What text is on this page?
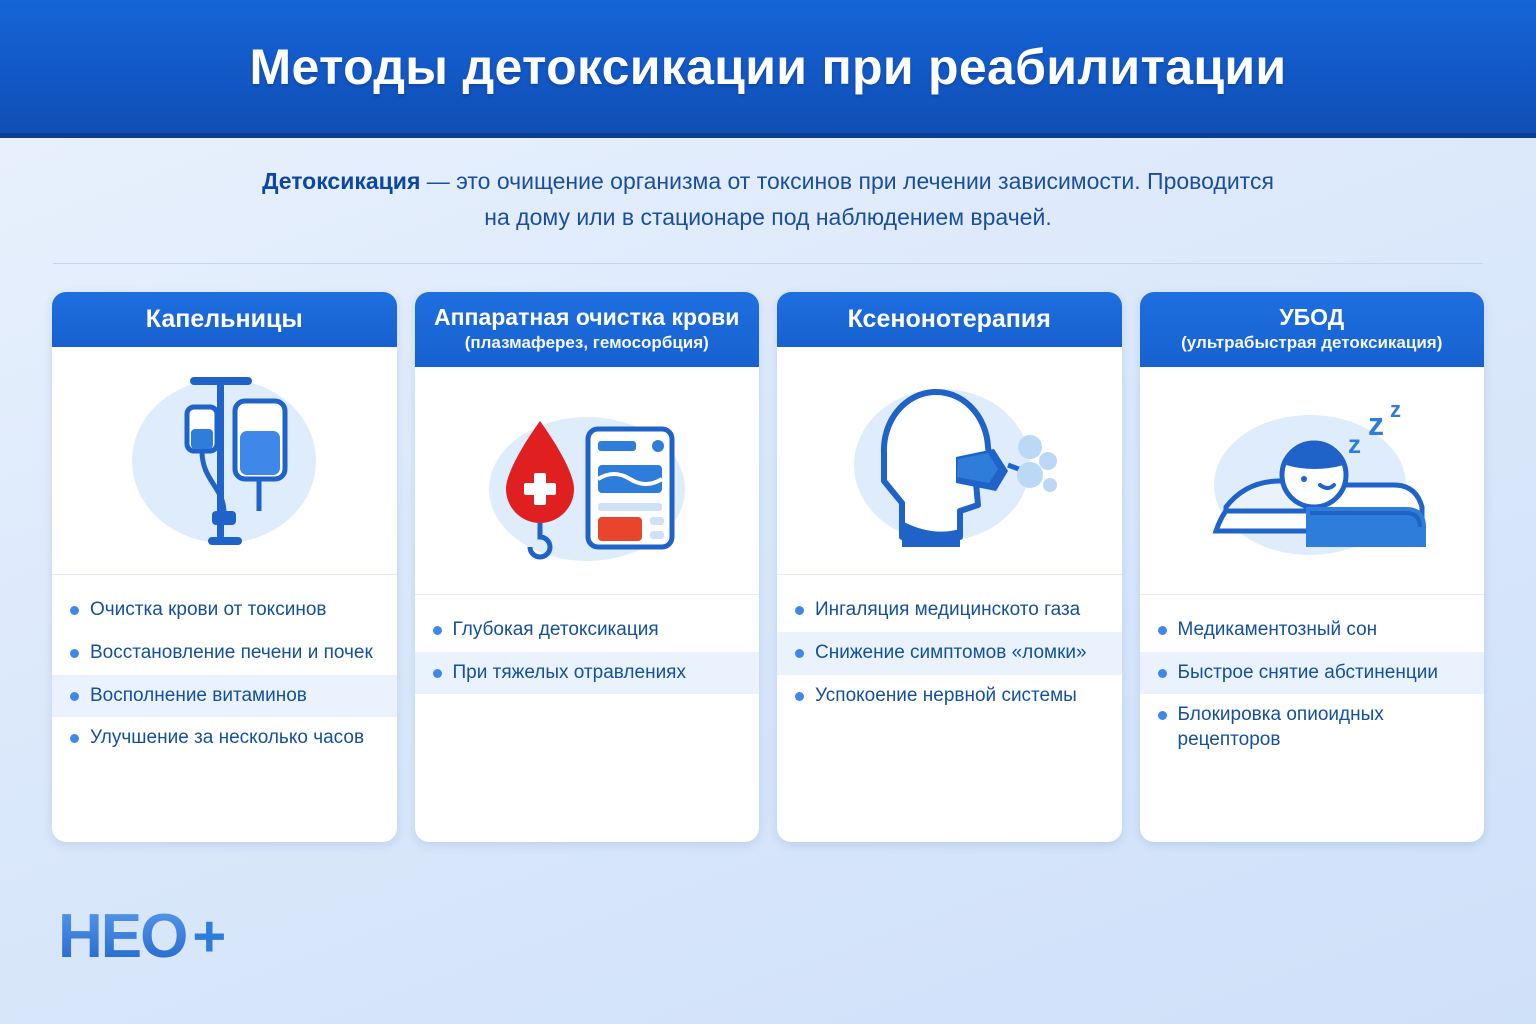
Методы детоксикации при реабилитации
Детоксикация — это очищение организма от токсинов при лечении зависимости. Проводится
на дому или в стационаре под наблюдением врачей.
Капельницы
Очистка крови от токсинов
Восстановление печени и почек
Восполнение витаминов
Улучшение за несколько часов
Аппаратная очистка крови
(плазмаферез, гемосорбция)
Глубокая детоксикация
При тяжелых отравлениях
Ксенонотерапия
Ингаляция медицинското газа
Снижение симптомов «ломки»
Успокоение нервной системы
УБОД
(ультрабыстрая детоксикация)
z
z z
Медикаментозный сон
Быстрое снятие абстиненции
Блокировка опиоидных рецепторов
HEO +
